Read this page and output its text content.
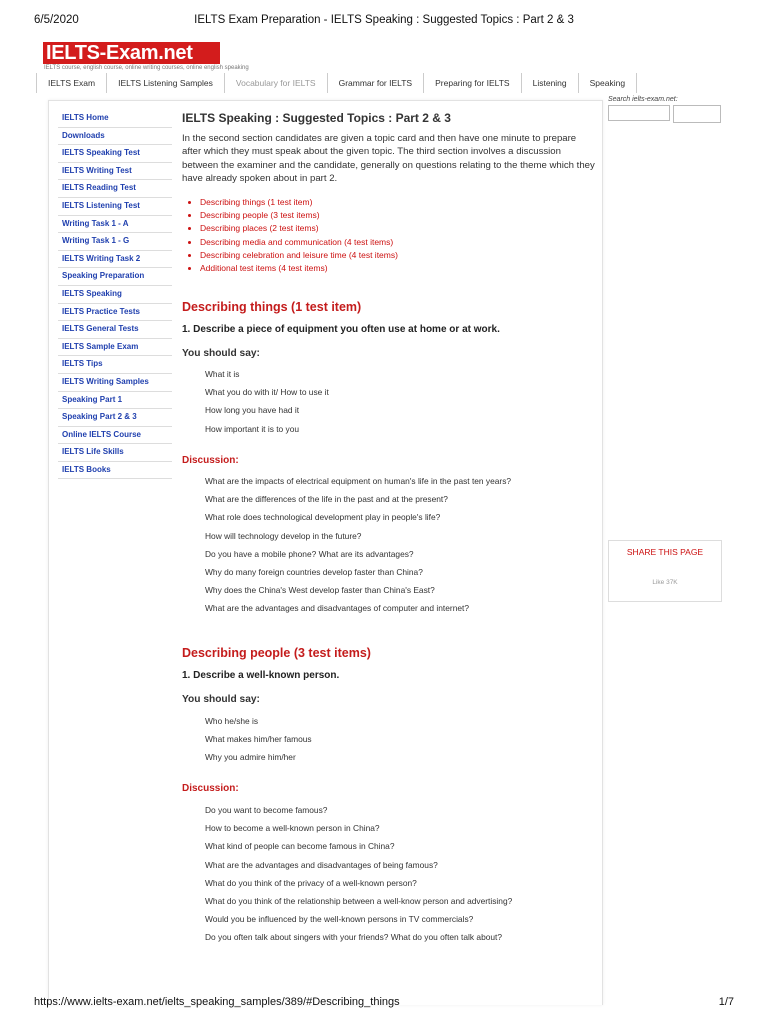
6/5/2020	IELTS Exam Preparation - IELTS Speaking : Suggested Topics : Part 2 & 3
IELTS-Exam.net
IELTS course, english course, online writing courses, online english speaking
IELTS Exam	IELTS Listening Samples	Vocabulary for IELTS	Grammar for IELTS	Preparing for IELTS	Listening	Speaking
IELTS Home
Downloads
IELTS Speaking Test
IELTS Writing Test
IELTS Reading Test
IELTS Listening Test
Writing Task 1 - A
Writing Task 1 - G
IELTS Writing Task 2
Speaking Preparation
IELTS Speaking
IELTS Practice Tests
IELTS General Tests
IELTS Sample Exam
IELTS Tips
IELTS Writing Samples
Speaking Part 1
Speaking Part 2 & 3
Online IELTS Course
IELTS Life Skills
IELTS Books
IELTS Speaking : Suggested Topics : Part 2 & 3
In the second section candidates are given a topic card and then have one minute to prepare after which they must speak about the given topic. The third section involves a discussion between the examiner and the candidate, generally on questions relating to the theme which they have already spoken about in part 2.
• Describing things (1 test item)
• Describing people (3 test items)
• Describing places (2 test items)
• Describing media and communication (4 test items)
• Describing celebration and leisure time (4 test items)
• Additional test items (4 test items)
Describing things (1 test item)
1. Describe a piece of equipment you often use at home or at work.
You should say:
What it is
What you do with it/ How to use it
How long you have had it
How important it is to you
Discussion:
What are the impacts of electrical equipment on human's life in the past ten years?
What are the differences of the life in the past and at the present?
What role does technological development play in people's life?
How will technology develop in the future?
Do you have a mobile phone? What are its advantages?
Why do many foreign countries develop faster than China?
Why does the China's West develop faster than China's East?
What are the advantages and disadvantages of computer and internet?
Describing people (3 test items)
1. Describe a well-known person.
You should say:
Who he/she is
What makes him/her famous
Why you admire him/her
Discussion:
Do you want to become famous?
How to become a well-known person in China?
What kind of people can become famous in China?
What are the advantages and disadvantages of being famous?
What do you think of the privacy of a well-known person?
What do you think of the relationship between a well-know person and advertising?
Would you be influenced by the well-known persons in TV commercials?
Do you often talk about singers with your friends? What do you often talk about?
Search ielts-exam.net:
SHARE THIS PAGE
Like 37K
https://www.ielts-exam.net/ielts_speaking_samples/389/#Describing_things	1/7
